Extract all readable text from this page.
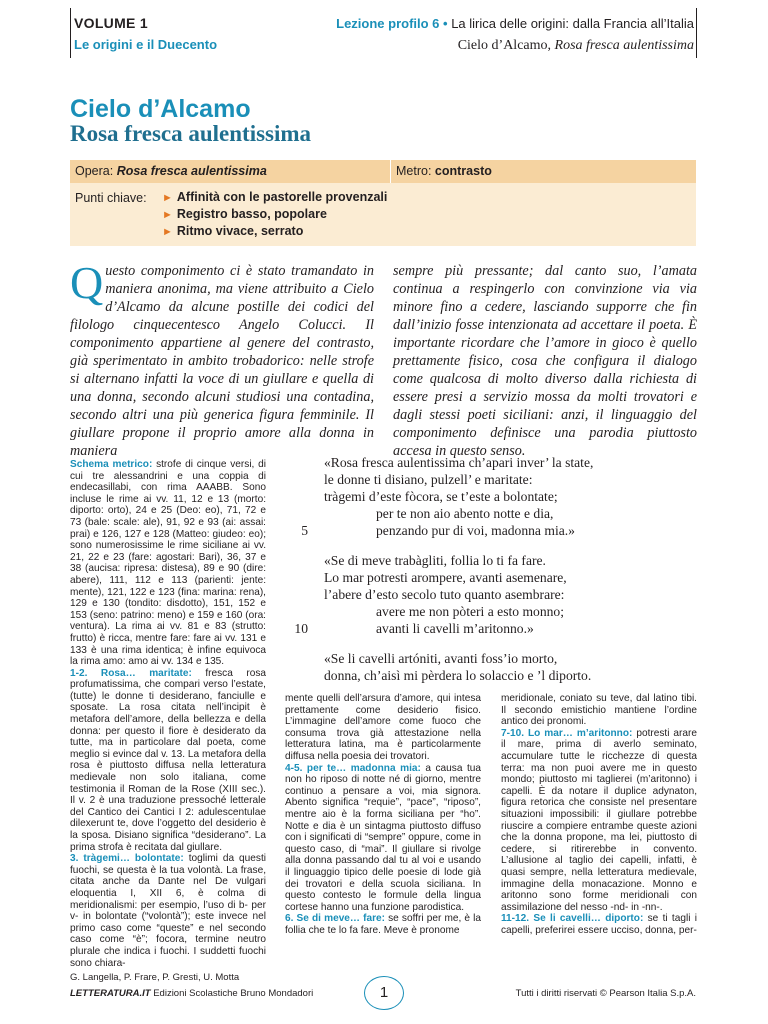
VOLUME 1
Le origini e il Duecento
Lezione profilo 6 • La lirica delle origini: dalla Francia all’Italia
Cielo d’Alcamo, Rosa fresca aulentissima
Cielo d’Alcamo
Rosa fresca aulentissima
Opera: Rosa fresca aulentissima	Metro: contrasto
Punti chiave: ► Affinità con le pastorelle provenzali
► Registro basso, popolare
► Ritmo vivace, serrato
Questo componimento ci è stato tramandato in maniera anonima, ma viene attribuito a Cielo d’Alcamo da alcune postille dei codici del filologo cinquecentesco Angelo Colucci. Il componimento appartiene al genere del contrasto, già sperimentato in ambito trobadorico: nelle strofe si alternano infatti la voce di un giullare e quella di una donna, secondo alcuni studiosi una contadina, secondo altri una più generica figura femminile. Il giullare propone il proprio amore alla donna in maniera
sempre più pressante; dal canto suo, l’amata continua a respingerlo con convinzione via via minore fino a cedere, lasciando supporre che fin dall’inizio fosse intenzionata ad accettare il poeta. È importante ricordare che l’amore in gioco è quello prettamente fisico, cosa che configura il dialogo come qualcosa di molto diverso dalla richiesta di essere presi a servizio mossa da molti trovatori e dagli stessi poeti siciliani: anzi, il linguaggio del componimento definisce una parodia piuttosto accesa in questo senso.
Schema metrico: strofe di cinque versi, di cui tre alessandrini e una coppia di endecasillabi, con rima AAABB. Sono incluse le rime ai vv. 11, 12 e 13 (morto: diporto: orto), 24 e 25 (Deo: eo), 71, 72 e 73 (bale: scale: ale), 91, 92 e 93 (ai: assai: prai) e 126, 127 e 128 (Matteo: giudeo: eo); sono numerosissime le rime siciliane ai vv. 21, 22 e 23 (fare: agostari: Bari), 36, 37 e 38 (aucisa: ripresa: distesa), 89 e 90 (dire: abere), 111, 112 e 113 (parienti: jente: mente), 121, 122 e 123 (fina: marina: rena), 129 e 130 (tondito: disdotto), 151, 152 e 153 (seno: patrino: meno) e 159 e 160 (ora: ventura). La rima ai vv. 81 e 83 (strutto: frutto) è ricca, mentre fare: fare ai vv. 131 e 133 è una rima identica; è infine equivoca la rima amo: amo ai vv. 134 e 135.
1-2. Rosa… maritate: fresca rosa profumatissima, che compari verso l’estate, (tutte) le donne ti desiderano, fanciulle e sposate. La rosa citata nell’incipit è metafora dell’amore, della bellezza e della donna: per questo il fiore è desiderato da tutte, ma in particolare dal poeta, come meglio si evince dal v. 13. La metafora della rosa è piuttosto diffusa nella letteratura medievale non solo italiana, come testimonia il Roman de la Rose (XIII sec.). Il v. 2 è una traduzione pressoché letterale del Cantico dei Cantici I 2: adulescentulae dilexerunt te, dove l’oggetto del desiderio è la sposa. Disiano significa “desiderano”. La prima strofa è recitata dal giullare.
3. tràgemi… bolontate: toglimi da questi fuochi, se questa è la tua volontà. La frase, citata anche da Dante nel De vulgari eloquentia I, XII 6, è colma di meridionalismi: per esempio, l’uso di b- per v- in bolontate (“volontà”); este invece nel primo caso come “queste” e nel secondo caso come “è”; focora, termine neutro plurale che indica i fuochi. I suddetti fuochi sono chiara-
«Rosa fresca aulentissima ch’apari inver’ la state,
le donne ti disiano, pulzell’ e maritate:
tràgemi d’este fòcora, se t’este a bolontate;
per te non aio abento notte e dia,
penzando pur di voi, madonna mia.»
5
«Se di meve trabàgliti, follia lo ti fa fare.
Lo mar potresti arompere, avanti asemenare,
l’abere d’esto secolo tuto quanto asembrare:
avere me non pòteri a esto monno;
avanti li cavelli m’aritonno.»
10
«Se li cavelli artóniti, avanti foss’io morto,
donna, ch’aisì mi pèrdera lo solaccio e ’l diporto.
mente quelli dell’arsura d’amore, qui intesa prettamente come desiderio fisico. L’immagine dell’amore come fuoco che consuma trova già attestazione nella letteratura latina, ma è particolarmente diffusa nella poesia dei trovatori.
4-5. per te… madonna mia: a causa tua non ho riposo di notte né di giorno, mentre continuo a pensare a voi, mia signora. Abento significa “requie”, “pace”, “riposo”, mentre aio è la forma siciliana per “ho”. Notte e dia è un sintagma piuttosto diffuso con i significati di “sempre” oppure, come in questo caso, di “mai”. Il giullare si rivolge alla donna passando dal tu al voi e usando il linguaggio tipico delle poesie di lode già dei trovatori e della scuola siciliana. In questo contesto le formule della lingua cortese hanno una funzione parodistica.
6. Se di meve… fare: se soffri per me, è la follia che te lo fa fare. Meve è pronome
meridionale, coniato su teve, dal latino tibi. Il secondo emistichio mantiene l’ordine antico dei pronomi.
7-10. Lo mar… m’aritonno: potresti arare il mare, prima di averlo seminato, accumulare tutte le ricchezze di questa terra: ma non puoi avere me in questo mondo; piuttosto mi taglierei (m’aritonno) i capelli. È da notare il duplice adynaton, figura retorica che consiste nel presentare situazioni impossibili: il giullare potrebbe riuscire a compiere entrambe queste azioni che la donna propone, ma lei, piuttosto di cedere, si ritirerebbe in convento. L’allusione al taglio dei capelli, infatti, è quasi sempre, nella letteratura medievale, immagine della monacazione. Monno e aritonno sono forme meridionali con assimilazione del nesso -nd- in -nn-.
11-12. Se li cavelli… diporto: se ti tagli i capelli, preferirei essere ucciso, donna, per-
G. Langella, P. Frare, P. Gresti, U. Motta
LETTERATURA.IT Edizioni Scolastiche Bruno Mondadori	1	Tutti i diritti riservati © Pearson Italia S.p.A.
